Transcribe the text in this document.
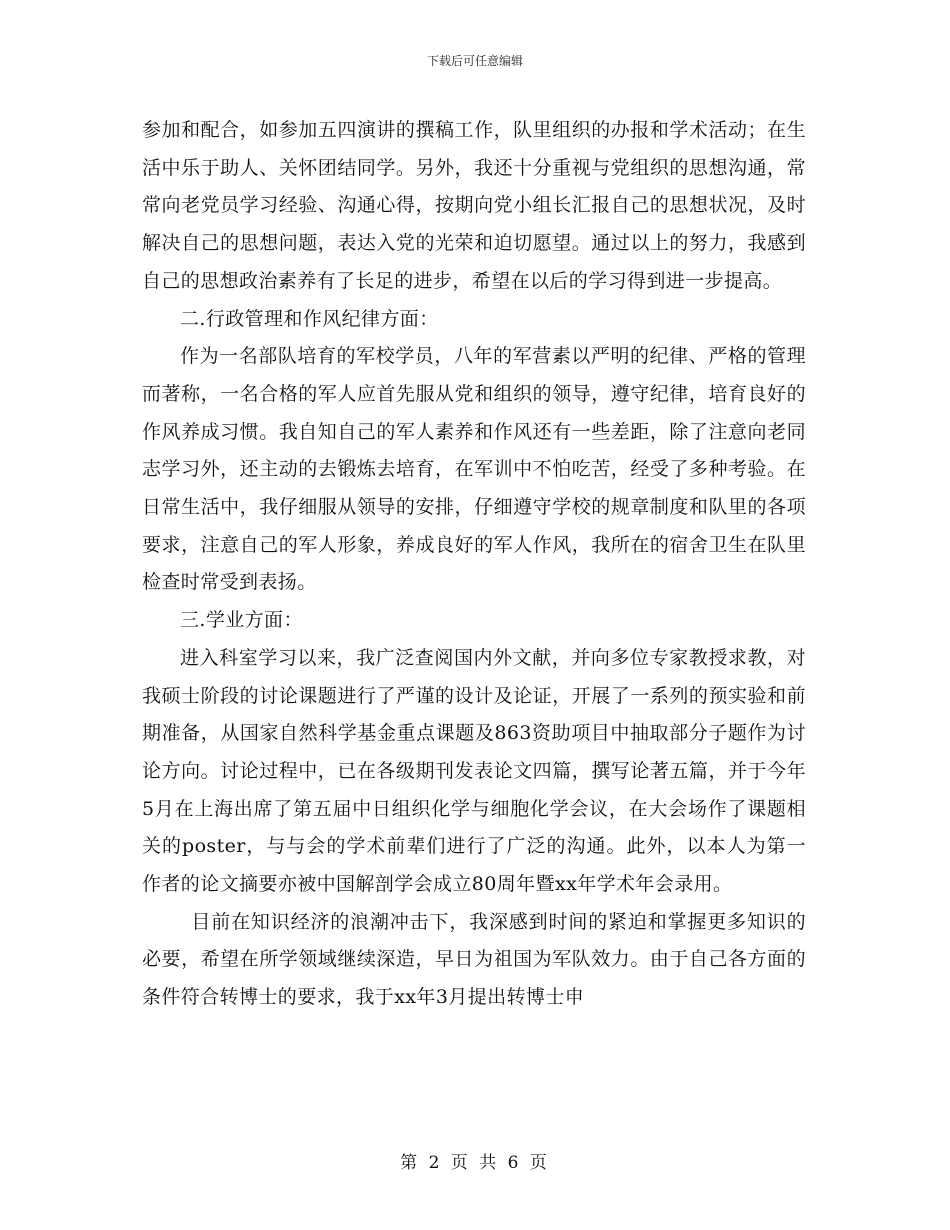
下载后可任意编辑

参加和配合，如参加五四演讲的撰稿工作，队里组织的办报和学术活动；在生活中乐于助人、关怀团结同学。另外，我还十分重视与党组织的思想沟通，常常向老党员学习经验、沟通心得，按期向党小组长汇报自己的思想状况，及时解决自己的思想问题，表达入党的光荣和迫切愿望。通过以上的努力，我感到自己的思想政治素养有了长足的进步，希望在以后的学习得到进一步提高。

二.行政管理和作风纪律方面：

作为一名部队培育的军校学员，八年的军营素以严明的纪律、严格的管理而著称，一名合格的军人应首先服从党和组织的领导，遵守纪律，培育良好的作风养成习惯。我自知自己的军人素养和作风还有一些差距，除了注意向老同志学习外，还主动的去锻炼去培育，在军训中不怕吃苦，经受了多种考验。在日常生活中，我仔细服从领导的安排，仔细遵守学校的规章制度和队里的各项要求，注意自己的军人形象，养成良好的军人作风，我所在的宿舍卫生在队里检查时常受到表扬。

三.学业方面：

进入科室学习以来，我广泛查阅国内外文献，并向多位专家教授求教，对我硕士阶段的讨论课题进行了严谨的设计及论证，开展了一系列的预实验和前期准备，从国家自然科学基金重点课题及863资助项目中抽取部分子题作为讨论方向。讨论过程中，已在各级期刊发表论文四篇，撰写论著五篇，并于今年5月在上海出席了第五届中日组织化学与细胞化学会议，在大会场作了课题相关的poster，与与会的学术前辈们进行了广泛的沟通。此外，以本人为第一作者的论文摘要亦被中国解剖学会成立80周年暨xx年学术年会录用。

目前在知识经济的浪潮冲击下，我深感到时间的紧迫和掌握更多知识的必要，希望在所学领域继续深造，早日为祖国为军队效力。由于自己各方面的条件符合转博士的要求，我于xx年3月提出转博士申

第 2 页 共 6 页
